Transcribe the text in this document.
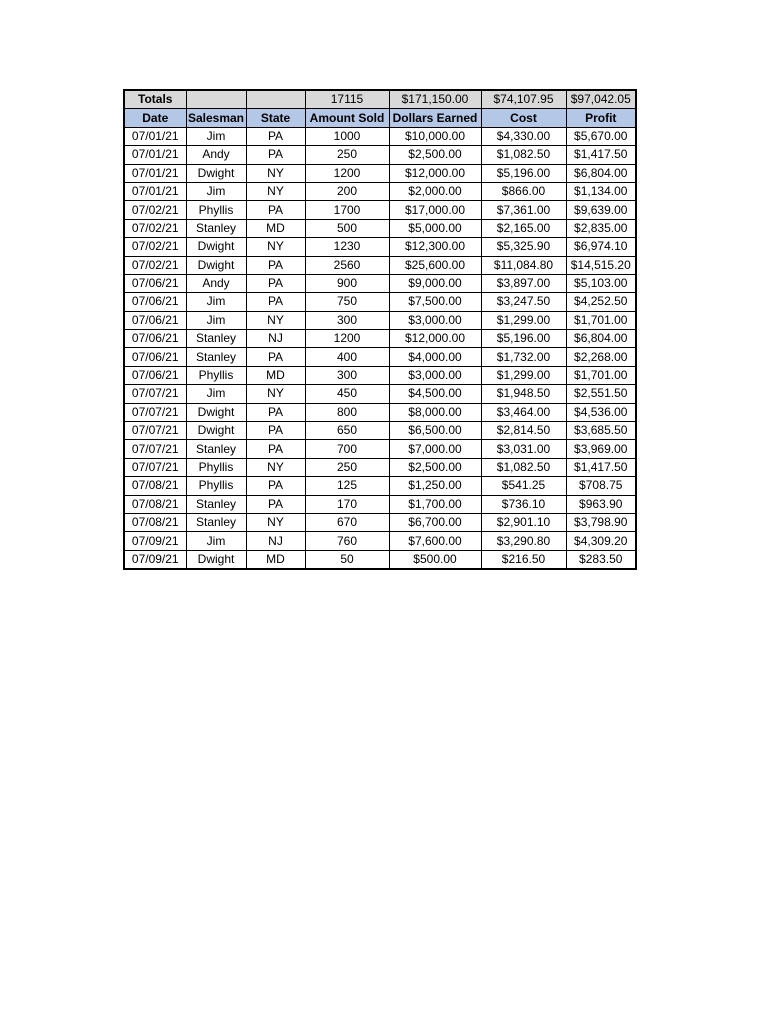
Totals			17115	$171,150.00	$74,107.95	$97,042.05
Date	Salesman	State	Amount Sold	Dollars Earned	Cost	Profit
07/01/21	Jim	PA	1000	$10,000.00	$4,330.00	$5,670.00
07/01/21	Andy	PA	250	$2,500.00	$1,082.50	$1,417.50
07/01/21	Dwight	NY	1200	$12,000.00	$5,196.00	$6,804.00
07/01/21	Jim	NY	200	$2,000.00	$866.00	$1,134.00
07/02/21	Phyllis	PA	1700	$17,000.00	$7,361.00	$9,639.00
07/02/21	Stanley	MD	500	$5,000.00	$2,165.00	$2,835.00
07/02/21	Dwight	NY	1230	$12,300.00	$5,325.90	$6,974.10
07/02/21	Dwight	PA	2560	$25,600.00	$11,084.80	$14,515.20
07/06/21	Andy	PA	900	$9,000.00	$3,897.00	$5,103.00
07/06/21	Jim	PA	750	$7,500.00	$3,247.50	$4,252.50
07/06/21	Jim	NY	300	$3,000.00	$1,299.00	$1,701.00
07/06/21	Stanley	NJ	1200	$12,000.00	$5,196.00	$6,804.00
07/06/21	Stanley	PA	400	$4,000.00	$1,732.00	$2,268.00
07/06/21	Phyllis	MD	300	$3,000.00	$1,299.00	$1,701.00
07/07/21	Jim	NY	450	$4,500.00	$1,948.50	$2,551.50
07/07/21	Dwight	PA	800	$8,000.00	$3,464.00	$4,536.00
07/07/21	Dwight	PA	650	$6,500.00	$2,814.50	$3,685.50
07/07/21	Stanley	PA	700	$7,000.00	$3,031.00	$3,969.00
07/07/21	Phyllis	NY	250	$2,500.00	$1,082.50	$1,417.50
07/08/21	Phyllis	PA	125	$1,250.00	$541.25	$708.75
07/08/21	Stanley	PA	170	$1,700.00	$736.10	$963.90
07/08/21	Stanley	NY	670	$6,700.00	$2,901.10	$3,798.90
07/09/21	Jim	NJ	760	$7,600.00	$3,290.80	$4,309.20
07/09/21	Dwight	MD	50	$500.00	$216.50	$283.50
